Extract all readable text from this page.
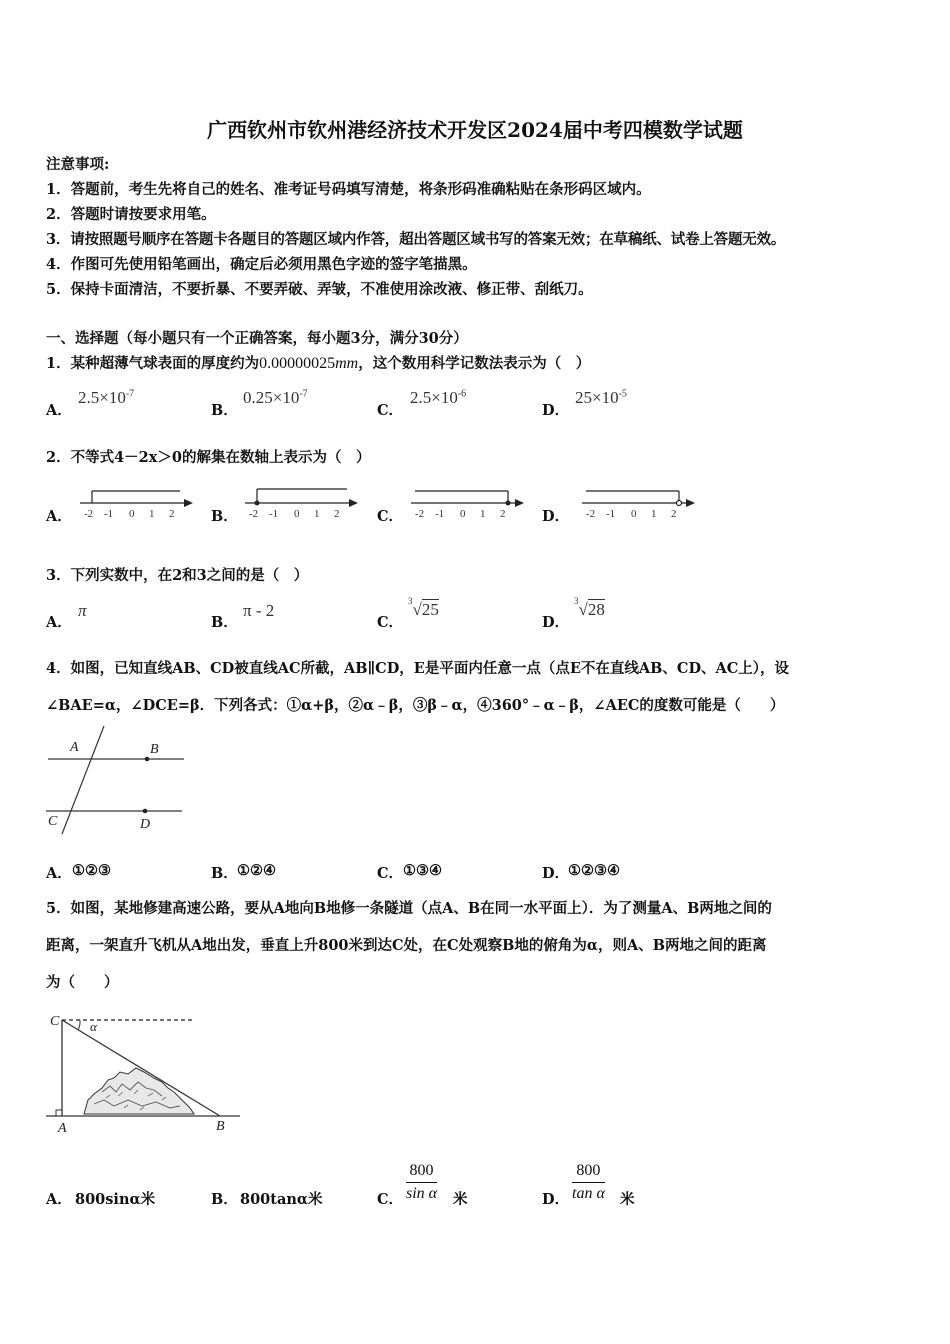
广西钦州市钦州港经济技术开发区2024届中考四模数学试题
注意事项:
1．答题前，考生先将自己的姓名、准考证号码填写清楚，将条形码准确粘贴在条形码区域内。
2．答题时请按要求用笔。
3．请按照题号顺序在答题卡各题目的答题区域内作答，超出答题区域书写的答案无效；在草稿纸、试卷上答题无效。
4．作图可先使用铅笔画出，确定后必须用黑色字迹的签字笔描黑。
5．保持卡面清洁，不要折暴、不要弄破、弄皱，不准使用涂改液、修正带、刮纸刀。
一、选择题（每小题只有一个正确答案，每小题3分，满分30分）
1．某种超薄气球表面的厚度约为0.00000025mm，这个数用科学记数法表示为（　）
A．
$2.5\times 10^{-7}$
B．
$0.25\times 10^{-7}$
C．
$2.5\times 10^{-6}$
D．
$25\times 10^{-5}$
2．不等式4－2x＞0的解集在数轴上表示为（　）
A． -2 -1 0 1 2	B． -2 -1 0 1 2	C． -2 -1 0 1 2	D． -2 -1 0 1 2
3．下列实数中，在2和3之间的是（　）
A．
π
B．
π - 2
C．
$^3$√25
D．
$^3$√28
4．如图，已知直线AB、CD被直线AC所截，AB∥CD，E是平面内任意一点（点E不在直线AB、CD、AC上），设
∠BAE=α，∠DCE=β．下列各式：①α+β，②α﹣β，③β﹣α，④360°﹣α﹣β，∠AEC的度数可能是（　　）
A	B
C	D
A． ①②③	B． ①②④	C． ①③④	D．
①②③④
5．如图，某地修建高速公路，要从A地向B地修一条隧道（点A、B在同一水平面上）．为了测量A、B两地之间的
距离，一架直升飞机从A地出发，垂直上升800米到达C处，在C处观察B地的俯角为α，则A、B两地之间的距离
为（　　）
C α
A	B
A． 800sinα米	B． 800tanα米	C． $\frac{800}{\text{sin α}}$ 米	D． $\frac{800}{\text{tan α}}$ 米
